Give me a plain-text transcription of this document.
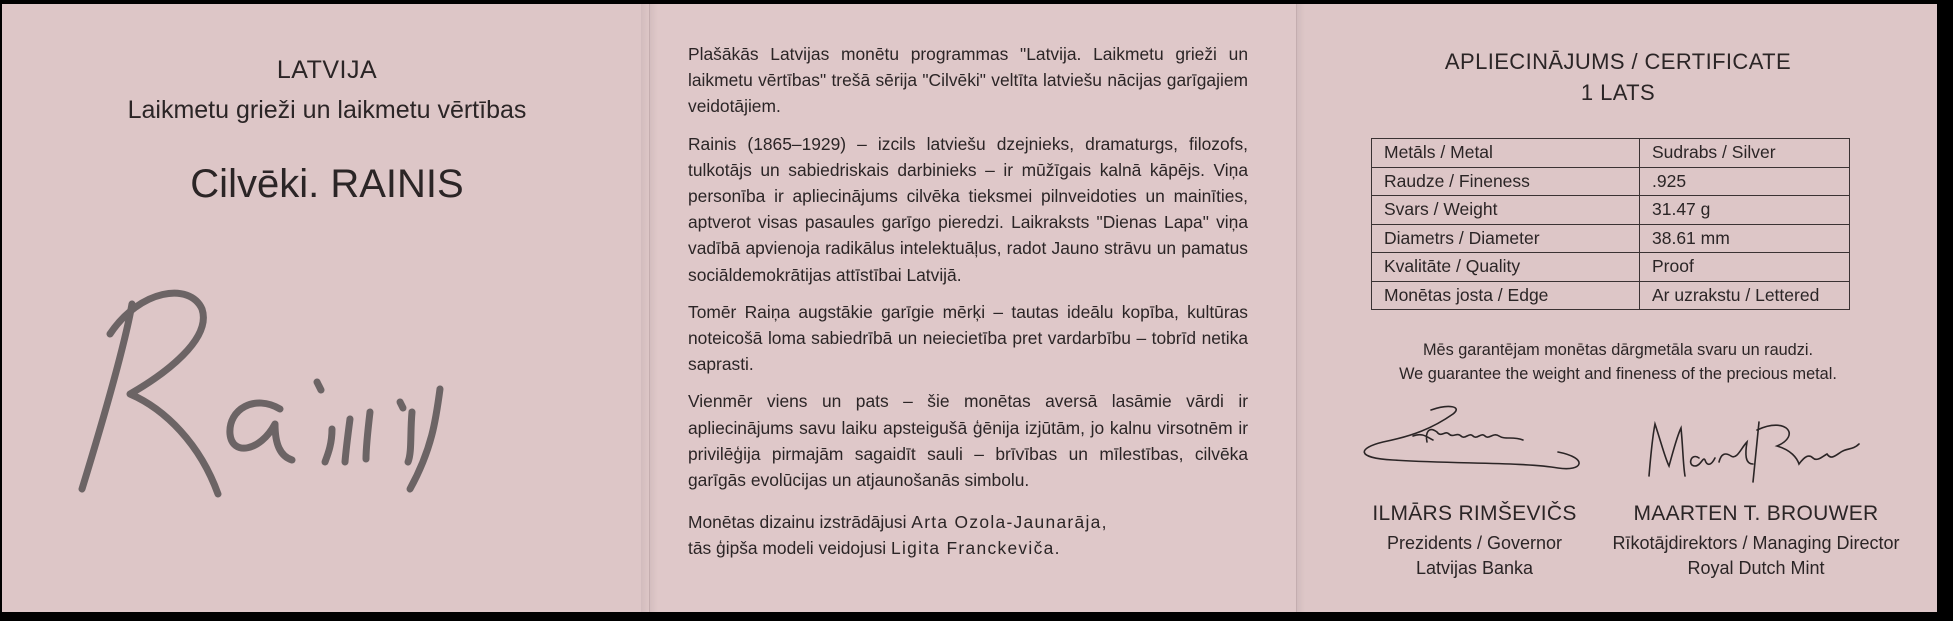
LATVIJA
Laikmetu grieži un laikmetu vērtības
Cilvēki. RAINIS

Plašākās Latvijas monētu programmas "Latvija. Laikmetu grieži un laikmetu vērtības" trešā sērija "Cilvēki" veltīta latviešu nācijas garīgajiem veidotājiem.

Rainis (1865–1929) – izcils latviešu dzejnieks, dramaturgs, filozofs, tulkotājs un sabiedriskais darbinieks – ir mūžīgais kalnā kāpējs. Viņa personība ir apliecinājums cilvēka tieksmei pilnveidoties un mainīties, aptverot visas pasaules garīgo pieredzi. Laikraksts "Dienas Lapa" viņa vadībā apvienoja radikālus intelektuāļus, radot Jauno strāvu un pamatus sociāldemokrātijas attīstībai Latvijā.

Tomēr Raiņa augstākie garīgie mērķi – tautas ideālu kopība, kultūras noteicošā loma sabiedrībā un neiecietība pret vardarbību – tobrīd netika saprasti.

Vienmēr viens un pats – šie monētas aversā lasāmie vārdi ir apliecinājums savu laiku apsteigušā ģēnija izjūtām, jo kalnu virsotnēm ir privilēģija pirmajām sagaidīt sauli – brīvības un mīlestības, cilvēka garīgās evolūcijas un atjaunošanās simbolu.

Monētas dizainu izstrādājusi Arta Ozola-Jaunarāja,
tās ģipša modeli veidojusi Ligita Franckeviča.

APLIECINĀJUMS / CERTIFICATE
1 LATS
Metāls / Metal	Sudrabs / Silver
Raudze / Fineness	.925
Svars / Weight	31.47 g
Diametrs / Diameter	38.61 mm
Kvalitāte / Quality	Proof
Monētas josta / Edge	Ar uzrakstu / Lettered
Mēs garantējam monētas dārgmetāla svaru un raudzi.
We guarantee the weight and fineness of the precious metal.
ILMĀRS RIMŠEVIČS
Prezidents / Governor
Latvijas Banka
MAARTEN T. BROUWER
Rīkotājdirektors / Managing Director
Royal Dutch Mint
